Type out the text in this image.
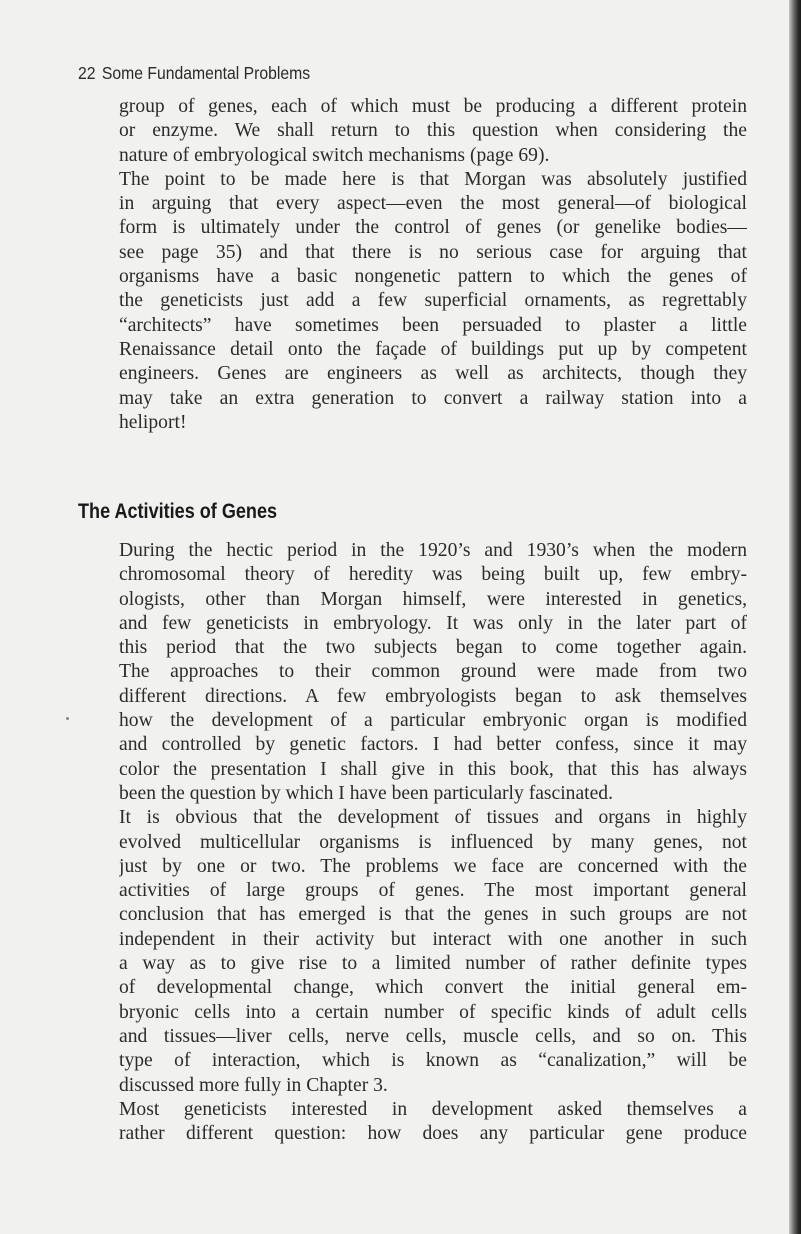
22 Some Fundamental Problems
group of genes, each of which must be producing a different protein
or enzyme. We shall return to this question when considering the
nature of embryological switch mechanisms (page 69).
The point to be made here is that Morgan was absolutely justified
in arguing that every aspect—even the most general—of biological
form is ultimately under the control of genes (or genelike bodies—
see page 35) and that there is no serious case for arguing that
organisms have a basic nongenetic pattern to which the genes of
the geneticists just add a few superficial ornaments, as regrettably
“architects” have sometimes been persuaded to plaster a little
Renaissance detail onto the façade of buildings put up by competent
engineers. Genes are engineers as well as architects, though they
may take an extra generation to convert a railway station into a
heliport!
The Activities of Genes
During the hectic period in the 1920’s and 1930’s when the modern
chromosomal theory of heredity was being built up, few embry-
ologists, other than Morgan himself, were interested in genetics,
and few geneticists in embryology. It was only in the later part of
this period that the two subjects began to come together again.
The approaches to their common ground were made from two
different directions. A few embryologists began to ask themselves
how the development of a particular embryonic organ is modified
and controlled by genetic factors. I had better confess, since it may
color the presentation I shall give in this book, that this has always
been the question by which I have been particularly fascinated.
It is obvious that the development of tissues and organs in highly
evolved multicellular organisms is influenced by many genes, not
just by one or two. The problems we face are concerned with the
activities of large groups of genes. The most important general
conclusion that has emerged is that the genes in such groups are not
independent in their activity but interact with one another in such
a way as to give rise to a limited number of rather definite types
of developmental change, which convert the initial general em-
bryonic cells into a certain number of specific kinds of adult cells
and tissues—liver cells, nerve cells, muscle cells, and so on. This
type of interaction, which is known as “canalization,” will be
discussed more fully in Chapter 3.
Most geneticists interested in development asked themselves a
rather different question: how does any particular gene produce
